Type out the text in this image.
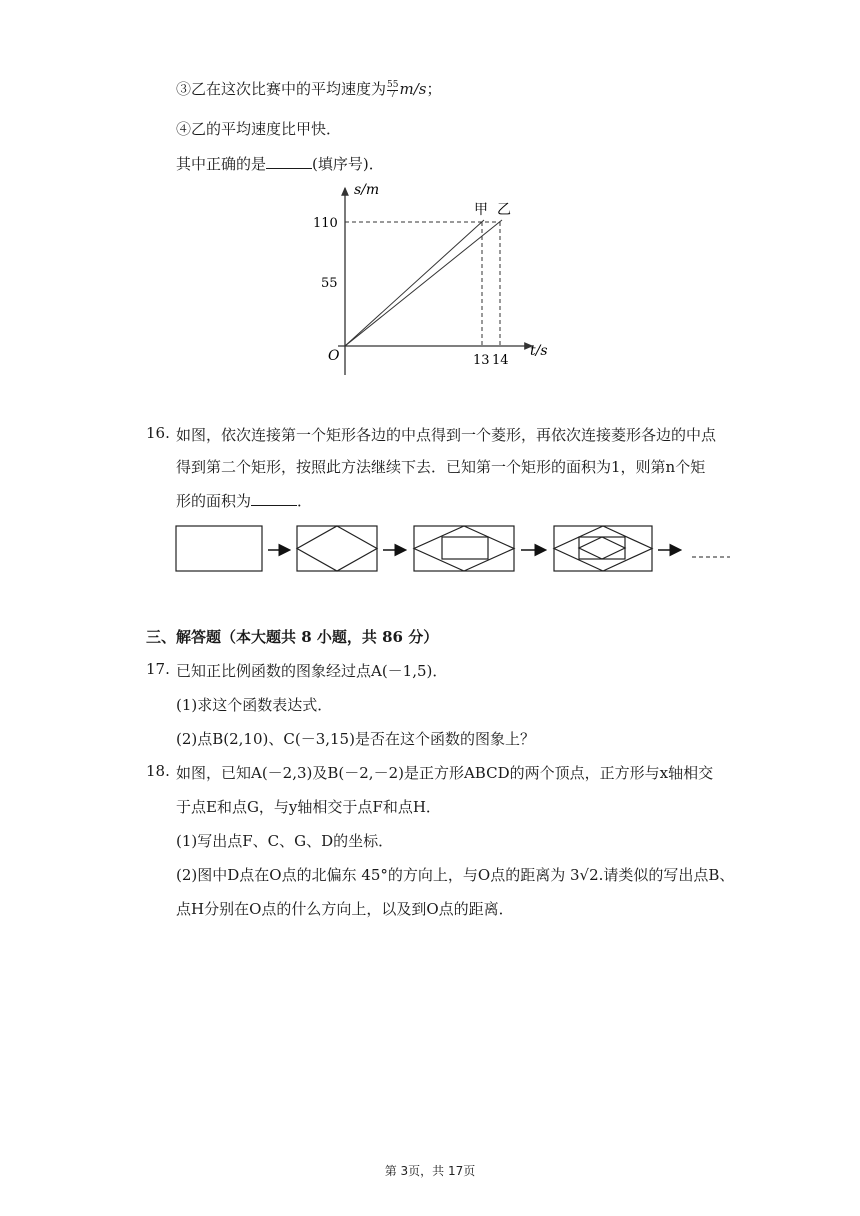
③乙在这次比赛中的平均速度为 $\frac{55}{7} m/s$；
④乙的平均速度比甲快．
其中正确的是	(填序号)．
s/m
t/s
O
110
55
13 14
甲 乙
16. 如图，依次连接第一个矩形各边的中点得到一个菱形，再依次连接菱形各边的中点
得到第二个矩形，按照此方法继续下去．已知第一个矩形的面积为1，则第n个矩
形的面积为	．
三、解答题（本大题共 8 小题，共 86 分）
17. 已知正比例函数的图象经过点A(－1,5)．
(1)求这个函数表达式．
(2)点B(2,10)、C(－3,15)是否在这个函数的图象上？
18. 如图，已知A(－2,3)及B(－2,－2)是正方形ABCD的两个顶点，正方形与x轴相交
于点E和点G，与y轴相交于点F和点H．
(1)写出点F、C、G、D的坐标．
(2)图中D点在O点的北偏东 45°的方向上，与O点的距离为 3√2.请类似的写出点B、
点H分别在O点的什么方向上，以及到O点的距离．
第 3页，共 17页
